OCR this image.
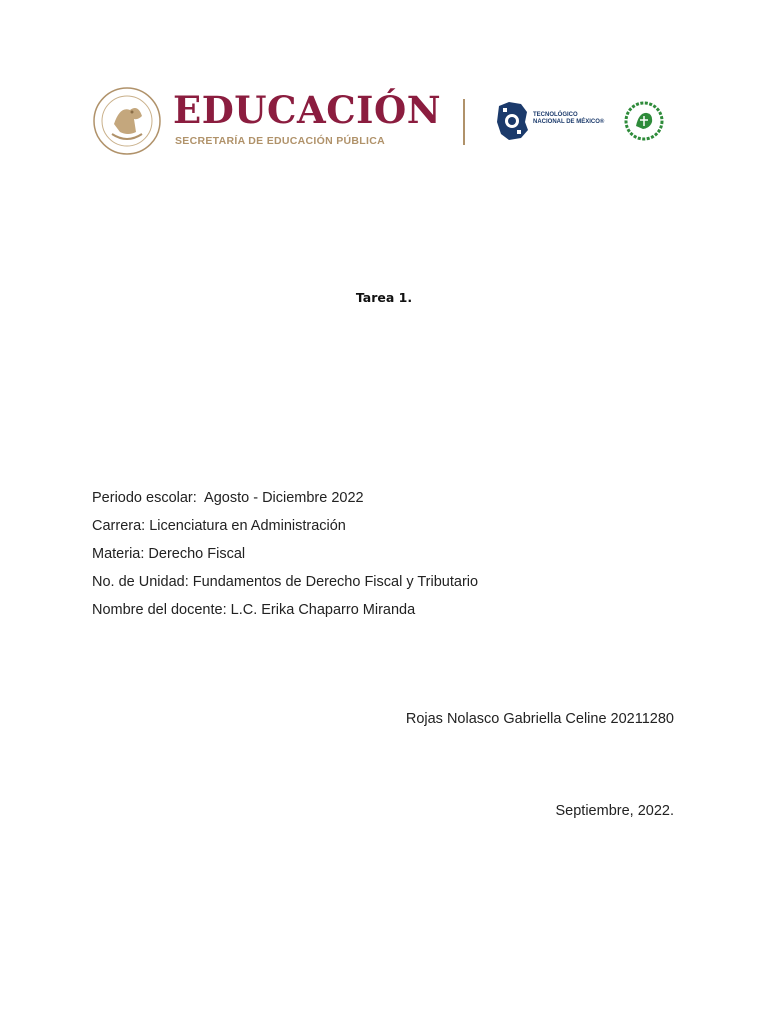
EDUCACIÓN
SECRETARÍA DE EDUCACIÓN PÚBLICA
TECNOLÓGICO
NACIONAL DE MÉXICO®
Tarea 1.
Periodo escolar:  Agosto - Diciembre 2022
Carrera: Licenciatura en Administración
Materia: Derecho Fiscal
No. de Unidad: Fundamentos de Derecho Fiscal y Tributario
Nombre del docente: L.C. Erika Chaparro Miranda
Rojas Nolasco Gabriella Celine 20211280
Septiembre, 2022.
